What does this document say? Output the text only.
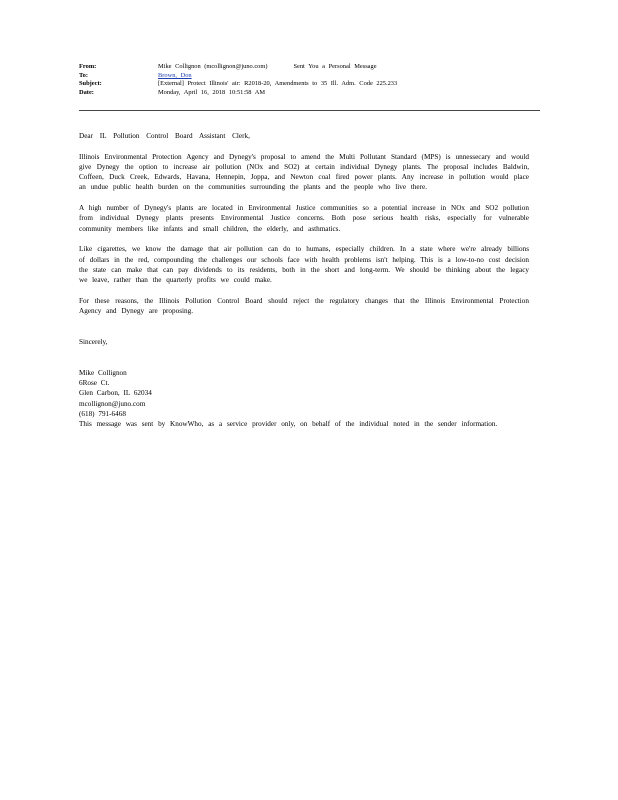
From:	Mike Collignon (mcollignon@juno.com)	Sent You a Personal Message
To:	Brown, Don
Subject:	[External] Protect Illinois' air: R2018-20, Amendments to 35 Ill. Adm. Code 225.233
Date:	Monday, April 16, 2018 10:51:58 AM
Dear IL Pollution Control Board Assistant Clerk,

Illinois Environmental Protection Agency and Dynegy's proposal to amend the Multi Pollutant Standard (MPS) is unnessecary and would give Dynegy the option to increase air pollution (NOx and SO2) at certain individual Dynegy plants. The proposal includes Baldwin, Coffeen, Duck Creek, Edwards, Havana, Hennepin, Joppa, and Newton coal fired power plants. Any increase in pollution would place an undue public health burden on the communities surrounding the plants and the people who live there.

A high number of Dynegy's plants are located in Environmental Justice communities so a potential increase in NOx and SO2 pollution from individual Dynegy plants presents Environmental Justice concerns. Both pose serious health risks, especially for vulnerable community members like infants and small children, the elderly, and asthmatics.

Like cigarettes, we know the damage that air pollution can do to humans, especially children. In a state where we're already billions of dollars in the red, compounding the challenges our schools face with health problems isn't helping. This is a low-to-no cost decision the state can make that can pay dividends to its residents, both in the short and long-term. We should be thinking about the legacy we leave, rather than the quarterly profits we could make.

For these reasons, the Illinois Pollution Control Board should reject the regulatory changes that the Illinois Environmental Protection Agency and Dynegy are proposing.

Sincerely,
Mike Collignon
6Rose Ct.
Glen Carbon, IL 62034
mcollignon@juno.com
(618) 791-6468

This message was sent by KnowWho, as a service provider only, on behalf of the individual noted in the sender information.
